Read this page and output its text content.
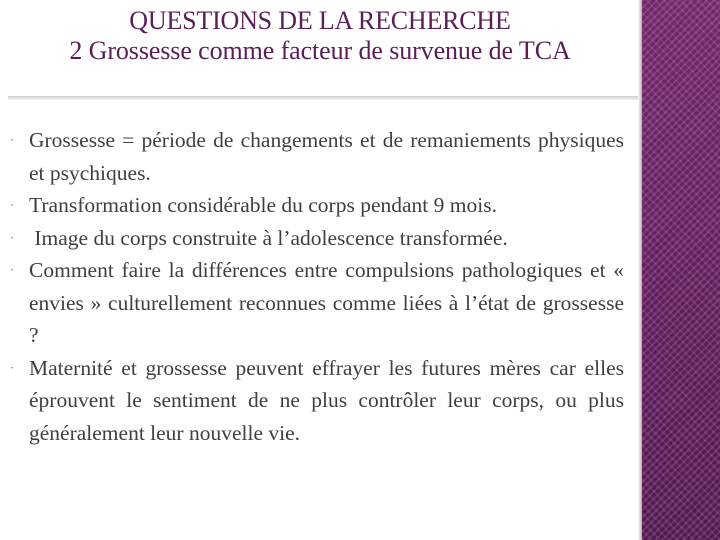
QUESTIONS DE LA RECHERCHE
2 Grossesse comme facteur de survenue de TCA
· Grossesse = période de changements et de remaniements physiques et psychiques.
· Transformation considérable du corps pendant 9 mois.
· Image du corps construite à l’adolescence transformée.
· Comment faire la différences entre compulsions pathologiques et « envies » culturellement reconnues comme liées à l’état de grossesse ?
· Maternité et grossesse peuvent effrayer les futures mères car elles éprouvent le sentiment de ne plus contrôler leur corps, ou plus généralement leur nouvelle vie.
